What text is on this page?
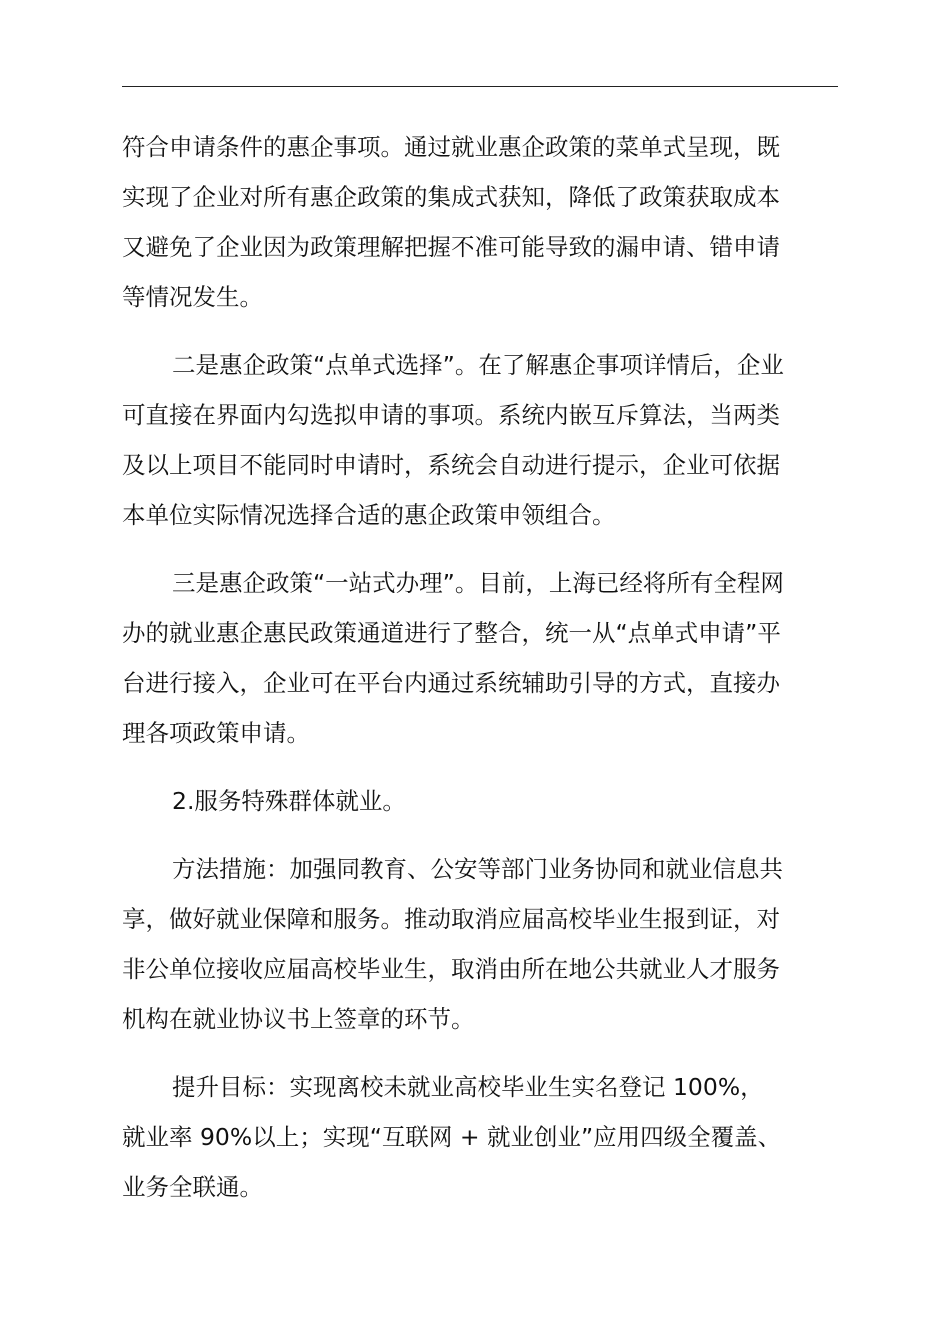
符合申请条件的惠企事项。通过就业惠企政策的菜单式呈现，既
实现了企业对所有惠企政策的集成式获知，降低了政策获取成本
又避免了企业因为政策理解把握不准可能导致的漏申请、错申请
等情况发生。

二是惠企政策“点单式选择”。在了解惠企事项详情后，企业
可直接在界面内勾选拟申请的事项。系统内嵌互斥算法，当两类
及以上项目不能同时申请时，系统会自动进行提示，企业可依据
本单位实际情况选择合适的惠企政策申领组合。

三是惠企政策“一站式办理”。目前，上海已经将所有全程网
办的就业惠企惠民政策通道进行了整合，统一从“点单式申请”平
台进行接入，企业可在平台内通过系统辅助引导的方式，直接办
理各项政策申请。

2.服务特殊群体就业。

方法措施：加强同教育、公安等部门业务协同和就业信息共
享，做好就业保障和服务。推动取消应届高校毕业生报到证，对
非公单位接收应届高校毕业生，取消由所在地公共就业人才服务
机构在就业协议书上签章的环节。

提升目标：实现离校未就业高校毕业生实名登记 100%，
就业率 90%以上；实现“互联网 + 就业创业”应用四级全覆盖、
业务全联通。
